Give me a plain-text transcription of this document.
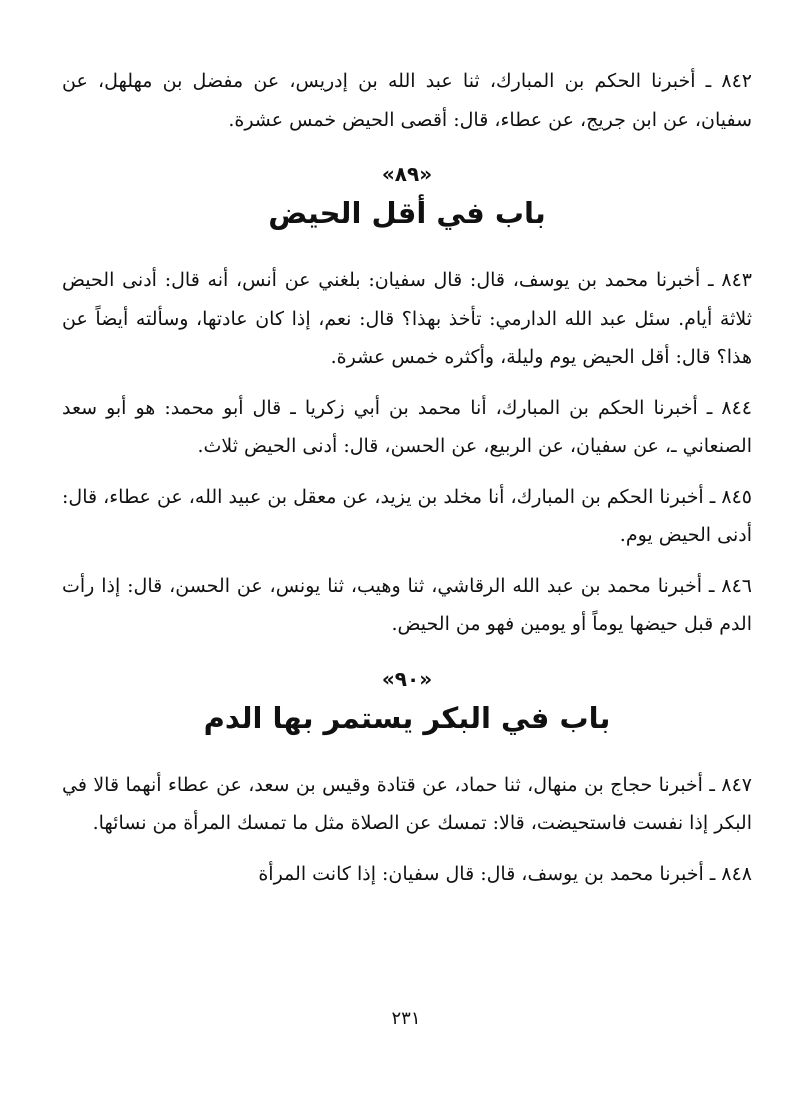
٨٤٢ ـ أخبرنا الحكم بن المبارك، ثنا عبد الله بن إدريس، عن مفضل بن مهلهل، عن سفيان، عن ابن جريج، عن عطاء، قال: أقصى الحيض خمس عشرة.

«٨٩»
باب في أقل الحيض

٨٤٣ ـ أخبرنا محمد بن يوسف، قال: قال سفيان: بلغني عن أنس، أنه قال: أدنى الحيض ثلاثة أيام. سئل عبد الله الدارمي: تأخذ بهذا؟ قال: نعم، إذا كان عادتها، وسألته أيضاً عن هذا؟ قال: أقل الحيض يوم وليلة، وأكثره خمس عشرة.

٨٤٤ ـ أخبرنا الحكم بن المبارك، أنا محمد بن أبي زكريا ـ قال أبو محمد: هو أبو سعد الصنعاني ـ، عن سفيان، عن الربيع، عن الحسن، قال: أدنى الحيض ثلاث.

٨٤٥ ـ أخبرنا الحكم بن المبارك، أنا مخلد بن يزيد، عن معقل بن عبيد الله، عن عطاء، قال: أدنى الحيض يوم.

٨٤٦ ـ أخبرنا محمد بن عبد الله الرقاشي، ثنا وهيب، ثنا يونس، عن الحسن، قال: إذا رأت الدم قبل حيضها يوماً أو يومين فهو من الحيض.

«٩٠»
باب في البكر يستمر بها الدم

٨٤٧ ـ أخبرنا حجاج بن منهال، ثنا حماد، عن قتادة وقيس بن سعد، عن عطاء أنهما قالا في البكر إذا نفست فاستحيضت، قالا: تمسك عن الصلاة مثل ما تمسك المرأة من نسائها.

٨٤٨ ـ أخبرنا محمد بن يوسف، قال: قال سفيان: إذا كانت المرأة

٢٣١
